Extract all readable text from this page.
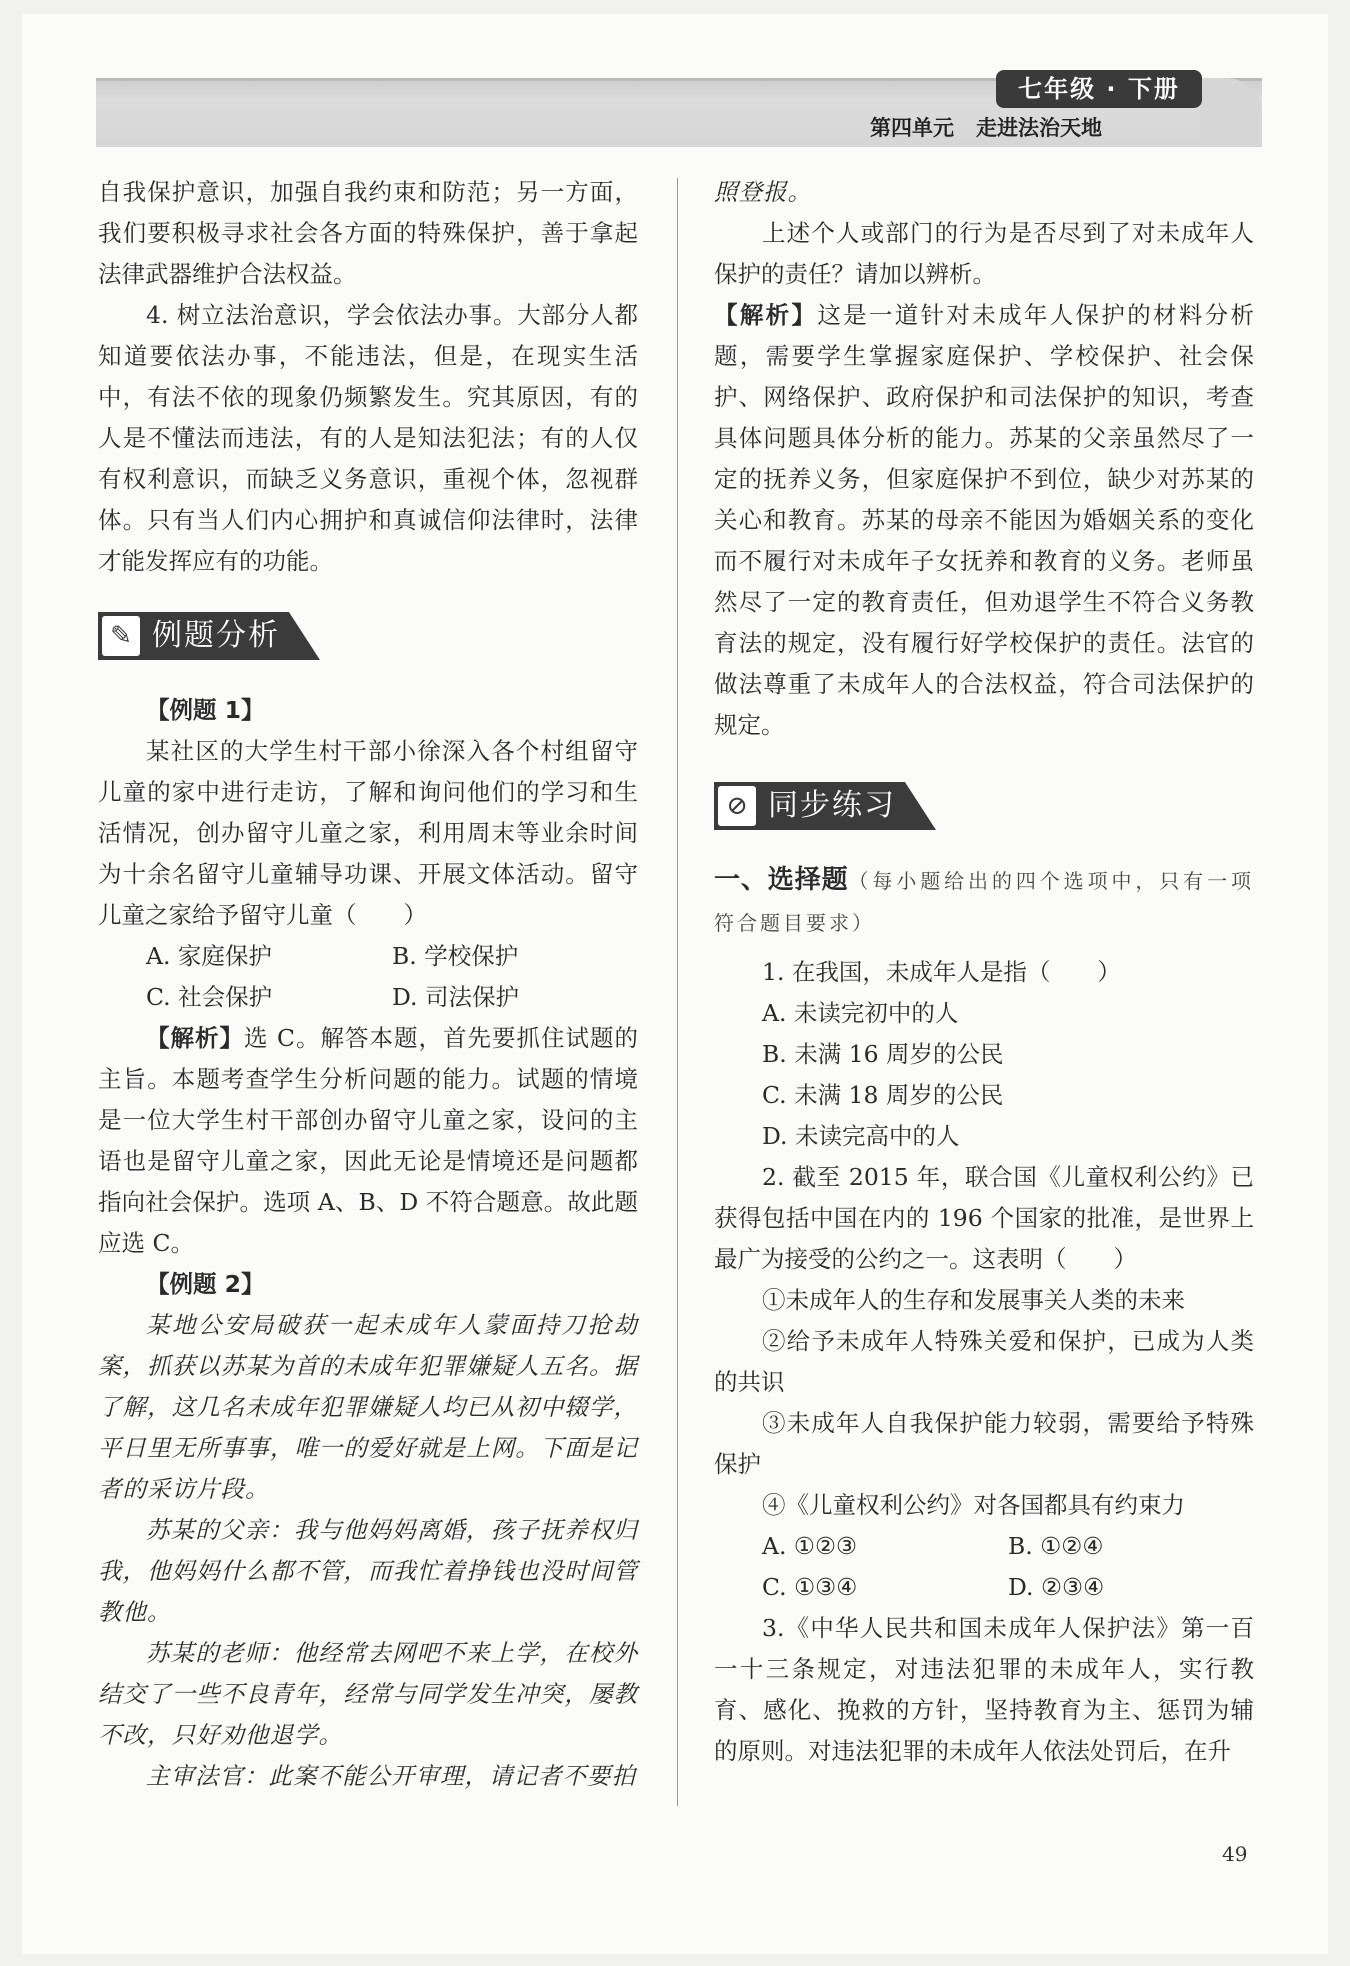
七年级 · 下册
第四单元 走进法治天地

自我保护意识，加强自我约束和防范；另一方面，我们要积极寻求社会各方面的特殊保护，善于拿起法律武器维护合法权益。

4. 树立法治意识，学会依法办事。大部分人都知道要依法办事，不能违法，但是，在现实生活中，有法不依的现象仍频繁发生。究其原因，有的人是不懂法而违法，有的人是知法犯法；有的人仅有权利意识，而缺乏义务意识，重视个体，忽视群体。只有当人们内心拥护和真诚信仰法律时，法律才能发挥应有的功能。

✎ 例题分析

【例题 1】

某社区的大学生村干部小徐深入各个村组留守儿童的家中进行走访，了解和询问他们的学习和生活情况，创办留守儿童之家，利用周末等业余时间为十余名留守儿童辅导功课、开展文体活动。留守儿童之家给予留守儿童（　　）

A. 家庭保护	B. 学校保护
C. 社会保护	D. 司法保护

【解析】选 C。解答本题，首先要抓住试题的主旨。本题考查学生分析问题的能力。试题的情境是一位大学生村干部创办留守儿童之家，设问的主语也是留守儿童之家，因此无论是情境还是问题都指向社会保护。选项 A、B、D 不符合题意。故此题应选 C。

【例题 2】

某地公安局破获一起未成年人蒙面持刀抢劫案，抓获以苏某为首的未成年犯罪嫌疑人五名。据了解，这几名未成年犯罪嫌疑人均已从初中辍学，平日里无所事事，唯一的爱好就是上网。下面是记者的采访片段。

苏某的父亲：我与他妈妈离婚，孩子抚养权归我，他妈妈什么都不管，而我忙着挣钱也没时间管教他。

苏某的老师：他经常去网吧不来上学，在校外结交了一些不良青年，经常与同学发生冲突，屡教不改，只好劝他退学。

主审法官：此案不能公开审理，请记者不要拍

照登报。

上述个人或部门的行为是否尽到了对未成年人保护的责任？请加以辨析。

【解析】这是一道针对未成年人保护的材料分析题，需要学生掌握家庭保护、学校保护、社会保护、网络保护、政府保护和司法保护的知识，考查具体问题具体分析的能力。苏某的父亲虽然尽了一定的抚养义务，但家庭保护不到位，缺少对苏某的关心和教育。苏某的母亲不能因为婚姻关系的变化而不履行对未成年子女抚养和教育的义务。老师虽然尽了一定的教育责任，但劝退学生不符合义务教育法的规定，没有履行好学校保护的责任。法官的做法尊重了未成年人的合法权益，符合司法保护的规定。

⊘ 同步练习

一、选择题（每小题给出的四个选项中，只有一项符合题目要求）

1. 在我国，未成年人是指（　　）

A. 未读完初中的人

B. 未满 16 周岁的公民

C. 未满 18 周岁的公民

D. 未读完高中的人

2. 截至 2015 年，联合国《儿童权利公约》已获得包括中国在内的 196 个国家的批准，是世界上最广为接受的公约之一。这表明（　　）

①未成年人的生存和发展事关人类的未来

②给予未成年人特殊关爱和保护，已成为人类的共识

③未成年人自我保护能力较弱，需要给予特殊保护

④《儿童权利公约》对各国都具有约束力

A. ①②③	B. ①②④
C. ①③④	D. ②③④

3.《中华人民共和国未成年人保护法》第一百一十三条规定，对违法犯罪的未成年人，实行教育、感化、挽救的方针，坚持教育为主、惩罚为辅的原则。对违法犯罪的未成年人依法处罚后，在升

49
